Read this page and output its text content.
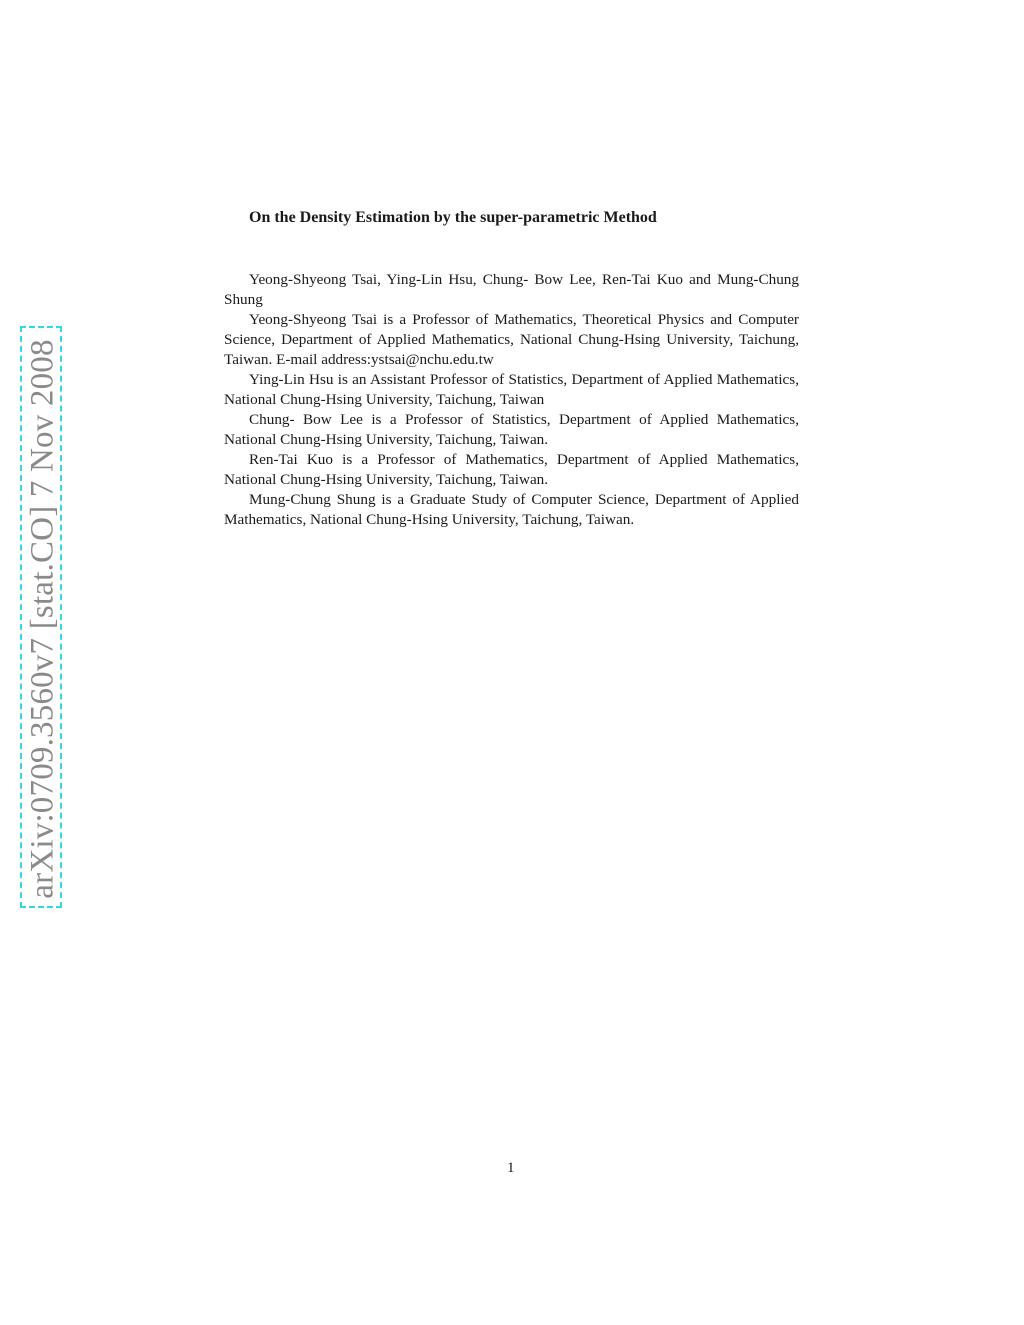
arXiv:0709.3560v7 [stat.CO] 7 Nov 2008
On the Density Estimation by the super-parametric Method

Yeong-Shyeong Tsai, Ying-Lin Hsu, Chung- Bow Lee, Ren-Tai Kuo and Mung-Chung Shung

Yeong-Shyeong Tsai is a Professor of Mathematics, Theoretical Physics and Computer Science, Department of Applied Mathematics, National Chung-Hsing University, Taichung, Taiwan. E-mail address:ystsai@nchu.edu.tw

Ying-Lin Hsu is an Assistant Professor of Statistics, Department of Applied Mathematics, National Chung-Hsing University, Taichung, Taiwan

Chung- Bow Lee is a Professor of Statistics, Department of Applied Mathematics, National Chung-Hsing University, Taichung, Taiwan.

Ren-Tai Kuo is a Professor of Mathematics, Department of Applied Mathematics, National Chung-Hsing University, Taichung, Taiwan.

Mung-Chung Shung is a Graduate Study of Computer Science, Department of Applied Mathematics, National Chung-Hsing University, Taichung, Taiwan.

1
